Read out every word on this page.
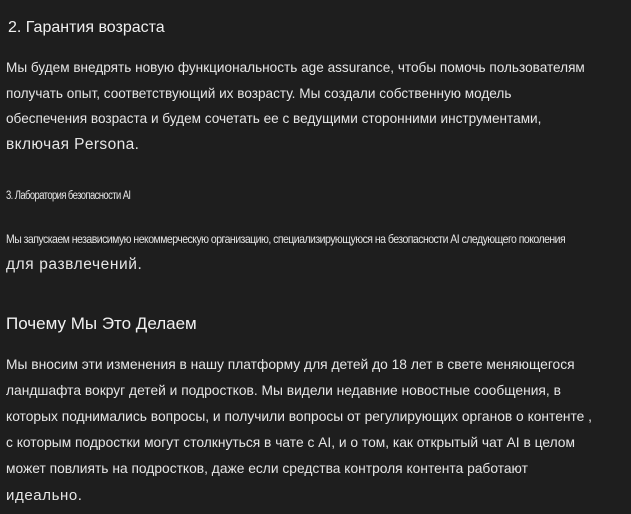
2. Гарантия возраста
Мы будем внедрять новую функциональность age assurance, чтобы помочь пользователям
получать опыт, соответствующий их возрасту. Мы создали собственную модель
обеспечения возраста и будем сочетать ее с ведущими сторонними инструментами,
включая Persona.
3. Лаборатория безопасности AI
Мы запускаем независимую некоммерческую организацию, специализирующуюся на безопасности AI следующего поколения
для развлечений.
Почему Мы Это Делаем
Мы вносим эти изменения в нашу платформу для детей до 18 лет в свете меняющегося
ландшафта вокруг детей и подростков. Мы видели недавние новостные сообщения, в
которых поднимались вопросы, и получили вопросы от регулирующих органов о контенте ,
с которым подростки могут столкнуться в чате с AI, и о том, как открытый чат AI в целом
может повлиять на подростков, даже если средства контроля контента работают
идеально.
